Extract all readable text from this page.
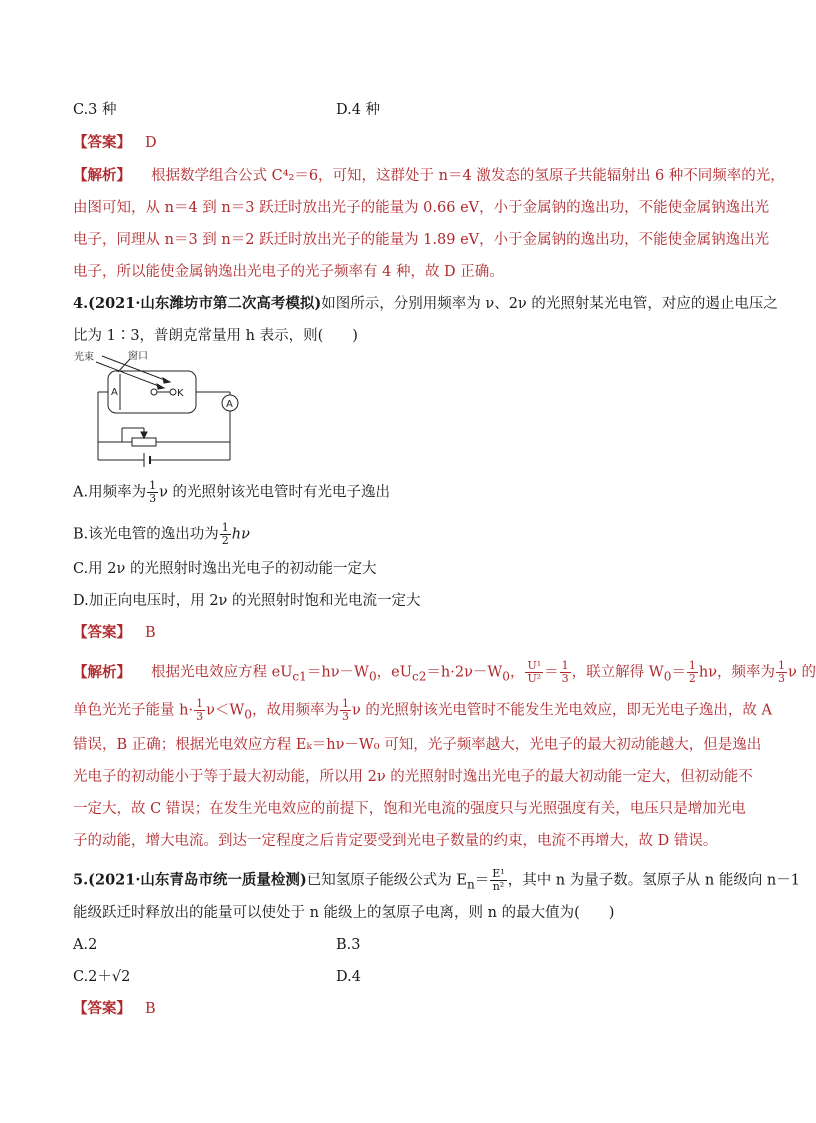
C.3 种	D.4 种
【答案】 D
【解析】 根据数学组合公式 C⁴₂＝6，可知，这群处于 n＝4 激发态的氢原子共能辐射出 6 种不同频率的光，
由图可知，从 n＝4 到 n＝3 跃迁时放出光子的能量为 0.66 eV，小于金属钠的逸出功，不能使金属钠逸出光
电子，同理从 n＝3 到 n＝2 跃迁时放出光子的能量为 1.89 eV，小于金属钠的逸出功，不能使金属钠逸出光
电子，所以能使金属钠逸出光电子的光子频率有 4 种，故 D 正确。
4.(2021·山东潍坊市第二次高考模拟)如图所示，分别用频率为 ν、2ν 的光照射某光电管，对应的遏止电压之
比为 1∶3，普朗克常量用 h 表示，则(　　)
光束	窗口
A	K
A
A.用频率为 $\frac{1}{3}$ ν 的光照射该光电管时有光电子逸出
B.该光电管的逸出功为 $\frac{1}{2}$ hν
C.用 2ν 的光照射时逸出光电子的初动能一定大
D.加正向电压时，用 2ν 的光照射时饱和光电流一定大
【答案】 B
【解析】 根据光电效应方程 $eU_{c1}=h\nu-W_0$，$eU_{c2}=h\cdot 2\nu-W_0$， $\frac{\text{U¹}}{\text{U²}} = \frac{1}{3}$ ，联立解得 $W_0= \frac{1}{2}$ hν，频率为 $\frac{1}{3}$ ν 的
单色光光子能量 $h\cdot \frac{1}{3} \nu<W_0$，故用频率为 $\frac{1}{3}$ ν 的光照射该光电管时不能发生光电效应，即无光电子逸出，故 A
错误，B 正确；根据光电效应方程 Eₖ＝hν－W₀ 可知，光子频率越大，光电子的最大初动能越大，但是逸出
光电子的初动能小于等于最大初动能，所以用 2ν 的光照射时逸出光电子的最大初动能一定大，但初动能不
一定大，故 C 错误；在发生光电效应的前提下，饱和光电流的强度只与光照强度有关，电压只是增加光电
子的动能，增大电流。到达一定程度之后肯定要受到光电子数量的约束，电流不再增大，故 D 错误。
5.(2021·山东青岛市统一质量检测)已知氢原子能级公式为 $E_n= \frac{\text{E¹}}{\text{n²}}$ ，其中 n 为量子数。氢原子从 n 能级向 n－1
能级跃迁时释放出的能量可以使处于 n 能级上的氢原子电离，则 n 的最大值为(　　)
A.2	B.3
C.2＋√2	D.4
【答案】 B
